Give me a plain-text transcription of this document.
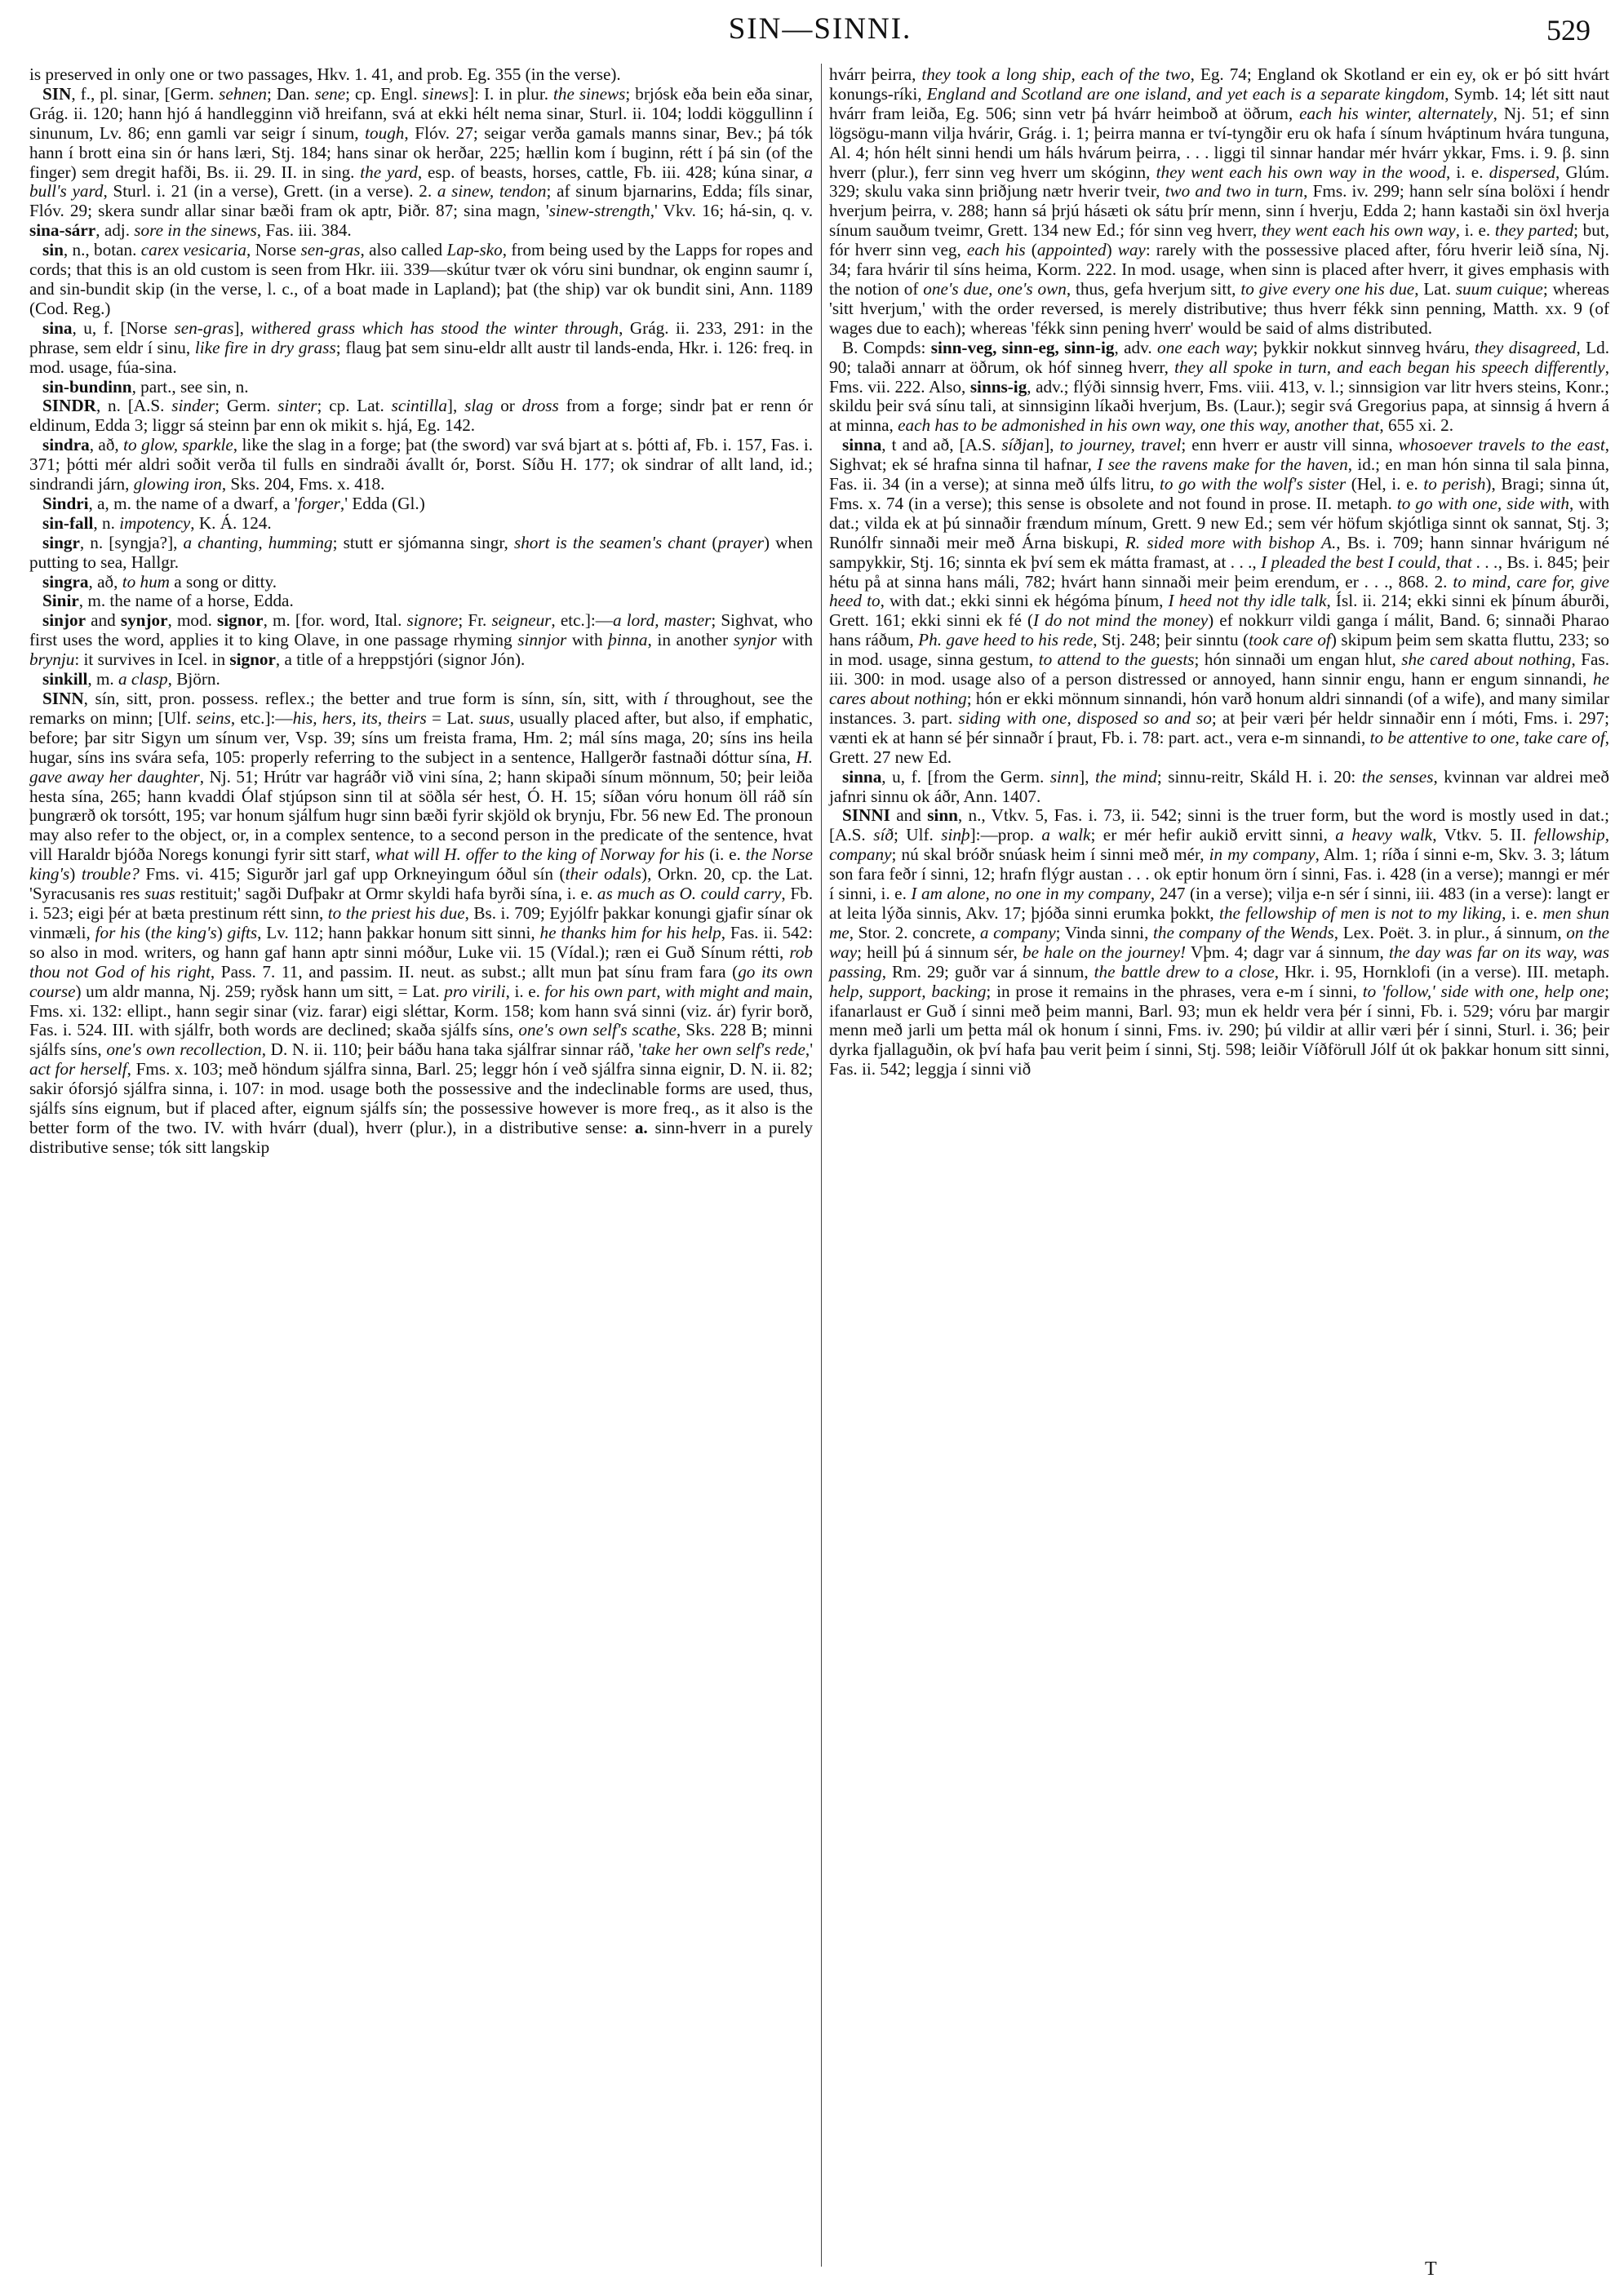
SIN—SINNI.	529

is preserved in only one or two passages, Hkv. 1. 41, and prob. Eg. 355 (in the verse).

SIN, f., pl. sinar, [Germ. sehnen; Dan. sene; cp. Engl. sinews]: I. in plur. the sinews; brjósk eða bein eða sinar, Grág. ii. 120; hann hjó á handlegginn við hreifann, svá at ekki hélt nema sinar, Sturl. ii. 104; loddi köggullinn í sinunum, Lv. 86; enn gamli var seigr í sinum, tough, Flóv. 27; seigar verða gamals manns sinar, Bev.; þá tók hann í brott eina sin ór hans læri, Stj. 184; hans sinar ok herðar, 225; hællin kom í buginn, rétt í þá sin (of the finger) sem dregit hafði, Bs. ii. 29. II. in sing. the yard, esp. of beasts, horses, cattle, Fb. iii. 428; kúna sinar, a bull's yard, Sturl. i. 21 (in a verse), Grett. (in a verse). 2. a sinew, tendon; af sinum bjarnarins, Edda; fíls sinar, Flóv. 29; skera sundr allar sinar bæði fram ok aptr, Þiðr. 87; sina magn, 'sinew-strength,' Vkv. 16; há-sin, q. v. sina-sárr, adj. sore in the sinews, Fas. iii. 384.

sin, n., botan. carex vesicaria, Norse sen-gras, also called Lap-sko, from being used by the Lapps for ropes and cords; that this is an old custom is seen from Hkr. iii. 339—skútur tvær ok vóru sini bundnar, ok enginn saumr í, and sin-bundit skip (in the verse, l. c., of a boat made in Lapland); þat (the ship) var ok bundit sini, Ann. 1189 (Cod. Reg.)

sina, u, f. [Norse sen-gras], withered grass which has stood the winter through, Grág. ii. 233, 291: in the phrase, sem eldr í sinu, like fire in dry grass; flaug þat sem sinu-eldr allt austr til lands-enda, Hkr. i. 126: freq. in mod. usage, fúa-sina.

sin-bundinn, part., see sin, n.

SINDR, n. [A.S. sinder; Germ. sinter; cp. Lat. scintilla], slag or dross from a forge; sindr þat er renn ór eldinum, Edda 3; liggr sá steinn þar enn ok mikit s. hjá, Eg. 142.

sindra, að, to glow, sparkle, like the slag in a forge; þat (the sword) var svá bjart at s. þótti af, Fb. i. 157, Fas. i. 371; þótti mér aldri soðit verða til fulls en sindraði ávallt ór, Þorst. Síðu H. 177; ok sindrar of allt land, id.; sindrandi járn, glowing iron, Sks. 204, Fms. x. 418.

Sindri, a, m. the name of a dwarf, a 'forger,' Edda (Gl.)

sin-fall, n. impotency, K. Á. 124.

singr, n. [syngja?], a chanting, humming; stutt er sjómanna singr, short is the seamen's chant (prayer) when putting to sea, Hallgr.

singra, að, to hum a song or ditty.

Sinir, m. the name of a horse, Edda.

sinjor and synjor, mod. signor, m. [for. word, Ital. signore; Fr. seigneur, etc.]:—a lord, master; Sighvat, who first uses the word, applies it to king Olave, in one passage rhyming sinnjor with þinna, in another synjor with brynju: it survives in Icel. in signor, a title of a hreppstjóri (signor Jón).

sinkill, m. a clasp, Björn.

SINN, sín, sitt, pron. possess. reflex.; the better and true form is sínn, sín, sitt, with í throughout, see the remarks on minn; [Ulf. seins, etc.]:—his, hers, its, theirs = Lat. suus, usually placed after, but also, if emphatic, before; þar sitr Sigyn um sínum ver, Vsp. 39; síns um freista frama, Hm. 2; mál síns maga, 20; síns ins heila hugar, síns ins svára sefa, 105: properly referring to the subject in a sentence, Hallgerðr fastnaði dóttur sína, H. gave away her daughter, Nj. 51; Hrútr var hagráðr við vini sína, 2; hann skipaði sínum mönnum, 50; þeir leiða hesta sína, 265; hann kvaddi Ólaf stjúpson sinn til at söðla sér hest, Ó. H. 15; síðan vóru honum öll ráð sín þungrærð ok torsótt, 195; var honum sjálfum hugr sinn bæði fyrir skjöld ok brynju, Fbr. 56 new Ed. The pronoun may also refer to the object, or, in a complex sentence, to a second person in the predicate of the sentence, hvat vill Haraldr bjóða Noregs konungi fyrir sitt starf, what will H. offer to the king of Norway for his (i. e. the Norse king's) trouble? Fms. vi. 415; Sigurðr jarl gaf upp Orkneyingum óðul sín (their odals), Orkn. 20, cp. the Lat. 'Syracusanis res suas restituit;' sagði Dufþakr at Ormr skyldi hafa byrði sína, i. e. as much as O. could carry, Fb. i. 523; eigi þér at bæta prestinum rétt sinn, to the priest his due, Bs. i. 709; Eyjólfr þakkar konungi gjafir sínar ok vinmæli, for his (the king's) gifts, Lv. 112; hann þakkar honum sitt sinni, he thanks him for his help, Fas. ii. 542: so also in mod. writers, og hann gaf hann aptr sinni móður, Luke vii. 15 (Vídal.); ræn ei Guð Sínum rétti, rob thou not God of his right, Pass. 7. 11, and passim. II. neut. as subst.; allt mun þat sínu fram fara (go its own course) um aldr manna, Nj. 259; ryðsk hann um sitt, = Lat. pro virili, i. e. for his own part, with might and main, Fms. xi. 132: ellipt., hann segir sinar (viz. farar) eigi sléttar, Korm. 158; kom hann svá sinni (viz. ár) fyrir borð, Fas. i. 524. III. with sjálfr, both words are declined; skaða sjálfs síns, one's own self's scathe, Sks. 228 B; minni sjálfs síns, one's own recollection, D. N. ii. 110; þeir báðu hana taka sjálfrar sinnar ráð, 'take her own self's rede,' act for herself, Fms. x. 103; með höndum sjálfra sinna, Barl. 25; leggr hón í veð sjálfra sinna eignir, D. N. ii. 82; sakir óforsjó sjálfra sinna, i. 107: in mod. usage both the possessive and the indeclinable forms are used, thus, sjálfs síns eignum, but if placed after, eignum sjálfs sín; the possessive however is more freq., as it also is the better form of the two. IV. with hvárr (dual), hverr (plur.), in a distributive sense: a. sinn-hverr in a purely distributive sense; tók sitt langskip

hvárr þeirra, they took a long ship, each of the two, Eg. 74; England ok Skotland er ein ey, ok er þó sitt hvárt konungs-ríki, England and Scotland are one island, and yet each is a separate kingdom, Symb. 14; lét sitt naut hvárr fram leiða, Eg. 506; sinn vetr þá hvárr heimboð at öðrum, each his winter, alternately, Nj. 51; ef sinn lögsögu-mann vilja hvárir, Grág. i. 1; þeirra manna er tví-tyngðir eru ok hafa í sínum hváptinum hvára tunguna, Al. 4; hón hélt sinni hendi um háls hvárum þeirra, . . . liggi til sinnar handar mér hvárr ykkar, Fms. i. 9. β. sinn hverr (plur.), ferr sinn veg hverr um skóginn, they went each his own way in the wood, i. e. dispersed, Glúm. 329; skulu vaka sinn þriðjung nætr hverir tveir, two and two in turn, Fms. iv. 299; hann selr sína bolöxi í hendr hverjum þeirra, v. 288; hann sá þrjú hásæti ok sátu þrír menn, sinn í hverju, Edda 2; hann kastaði sin öxl hverja sínum sauðum tveimr, Grett. 134 new Ed.; fór sinn veg hverr, they went each his own way, i. e. they parted; but, fór hverr sinn veg, each his (appointed) way: rarely with the possessive placed after, fóru hverir leið sína, Nj. 34; fara hvárir til síns heima, Korm. 222. In mod. usage, when sinn is placed after hverr, it gives emphasis with the notion of one's due, one's own, thus, gefa hverjum sitt, to give every one his due, Lat. suum cuique; whereas 'sitt hverjum,' with the order reversed, is merely distributive; thus hverr fékk sinn penning, Matth. xx. 9 (of wages due to each); whereas 'fékk sinn pening hverr' would be said of alms distributed.

B. Compds: sinn-veg, sinn-eg, sinn-ig, adv. one each way; þykkir nokkut sinnveg hváru, they disagreed, Ld. 90; talaði annarr at öðrum, ok hóf sinneg hverr, they all spoke in turn, and each began his speech differently, Fms. vii. 222. Also, sinns-ig, adv.; flýði sinnsig hverr, Fms. viii. 413, v. l.; sinnsigion var litr hvers steins, Konr.; skildu þeir svá sínu tali, at sinnsiginn líkaði hverjum, Bs. (Laur.); segir svá Gregorius papa, at sinnsig á hvern á at minna, each has to be admonished in his own way, one this way, another that, 655 xi. 2.

sinna, t and að, [A.S. síðjan], to journey, travel; enn hverr er austr vill sinna, whosoever travels to the east, Sighvat; ek sé hrafna sinna til hafnar, I see the ravens make for the haven, id.; en man hón sinna til sala þinna, Fas. ii. 34 (in a verse); at sinna með úlfs litru, to go with the wolf's sister (Hel, i. e. to perish), Bragi; sinna út, Fms. x. 74 (in a verse); this sense is obsolete and not found in prose. II. metaph. to go with one, side with, with dat.; vilda ek at þú sinnaðir frændum mínum, Grett. 9 new Ed.; sem vér höfum skjótliga sinnt ok sannat, Stj. 3; Runólfr sinnaði meir með Árna biskupi, R. sided more with bishop A., Bs. i. 709; hann sinnar hvárigum né sampykkir, Stj. 16; sinnta ek því sem ek mátta framast, at . . ., I pleaded the best I could, that . . ., Bs. i. 845; þeir hétu på at sinna hans máli, 782; hvárt hann sinnaði meir þeim erendum, er . . ., 868. 2. to mind, care for, give heed to, with dat.; ekki sinni ek hégóma þínum, I heed not thy idle talk, Ísl. ii. 214; ekki sinni ek þínum áburði, Grett. 161; ekki sinni ek fé (I do not mind the money) ef nokkurr vildi ganga í málit, Band. 6; sinnaði Pharao hans ráðum, Ph. gave heed to his rede, Stj. 248; þeir sinntu (took care of) skipum þeim sem skatta fluttu, 233; so in mod. usage, sinna gestum, to attend to the guests; hón sinnaði um engan hlut, she cared about nothing, Fas. iii. 300: in mod. usage also of a person distressed or annoyed, hann sinnir engu, hann er engum sinnandi, he cares about nothing; hón er ekki mönnum sinnandi, hón varð honum aldri sinnandi (of a wife), and many similar instances. 3. part. siding with one, disposed so and so; at þeir væri þér heldr sinnaðir enn í móti, Fms. i. 297; vænti ek at hann sé þér sinnaðr í þraut, Fb. i. 78: part. act., vera e-m sinnandi, to be attentive to one, take care of, Grett. 27 new Ed.

sinna, u, f. [from the Germ. sinn], the mind; sinnu-reitr, Skáld H. i. 20: the senses, kvinnan var aldrei með jafnri sinnu ok áðr, Ann. 1407.

SINNI and sinn, n., Vtkv. 5, Fas. i. 73, ii. 542; sinni is the truer form, but the word is mostly used in dat.; [A.S. síð; Ulf. sinþ]:—prop. a walk; er mér hefir aukið ervitt sinni, a heavy walk, Vtkv. 5. II. fellowship, company; nú skal bróðr snúask heim í sinni með mér, in my company, Alm. 1; ríða í sinni e-m, Skv. 3. 3; látum son fara feðr í sinni, 12; hrafn flýgr austan . . . ok eptir honum örn í sinni, Fas. i. 428 (in a verse); manngi er mér í sinni, i. e. I am alone, no one in my company, 247 (in a verse); vilja e-n sér í sinni, iii. 483 (in a verse): langt er at leita lýða sinnis, Akv. 17; þjóða sinni erumka þokkt, the fellowship of men is not to my liking, i. e. men shun me, Stor. 2. concrete, a company; Vinda sinni, the company of the Wends, Lex. Poët. 3. in plur., á sinnum, on the way; heill þú á sinnum sér, be hale on the journey! Vþm. 4; dagr var á sinnum, the day was far on its way, was passing, Rm. 29; guðr var á sinnum, the battle drew to a close, Hkr. i. 95, Hornklofi (in a verse). III. metaph. help, support, backing; in prose it remains in the phrases, vera e-m í sinni, to 'follow,' side with one, help one; ifanarlaust er Guð í sinni með þeim manni, Barl. 93; mun ek heldr vera þér í sinni, Fb. i. 529; vóru þar margir menn með jarli um þetta mál ok honum í sinni, Fms. iv. 290; þú vildir at allir væri þér í sinni, Sturl. i. 36; þeir dyrka fjallaguðin, ok því hafa þau verit þeim í sinni, Stj. 598; leiðir Víðförull Jólf út ok þakkar honum sitt sinni, Fas. ii. 542; leggja í sinni við

T
